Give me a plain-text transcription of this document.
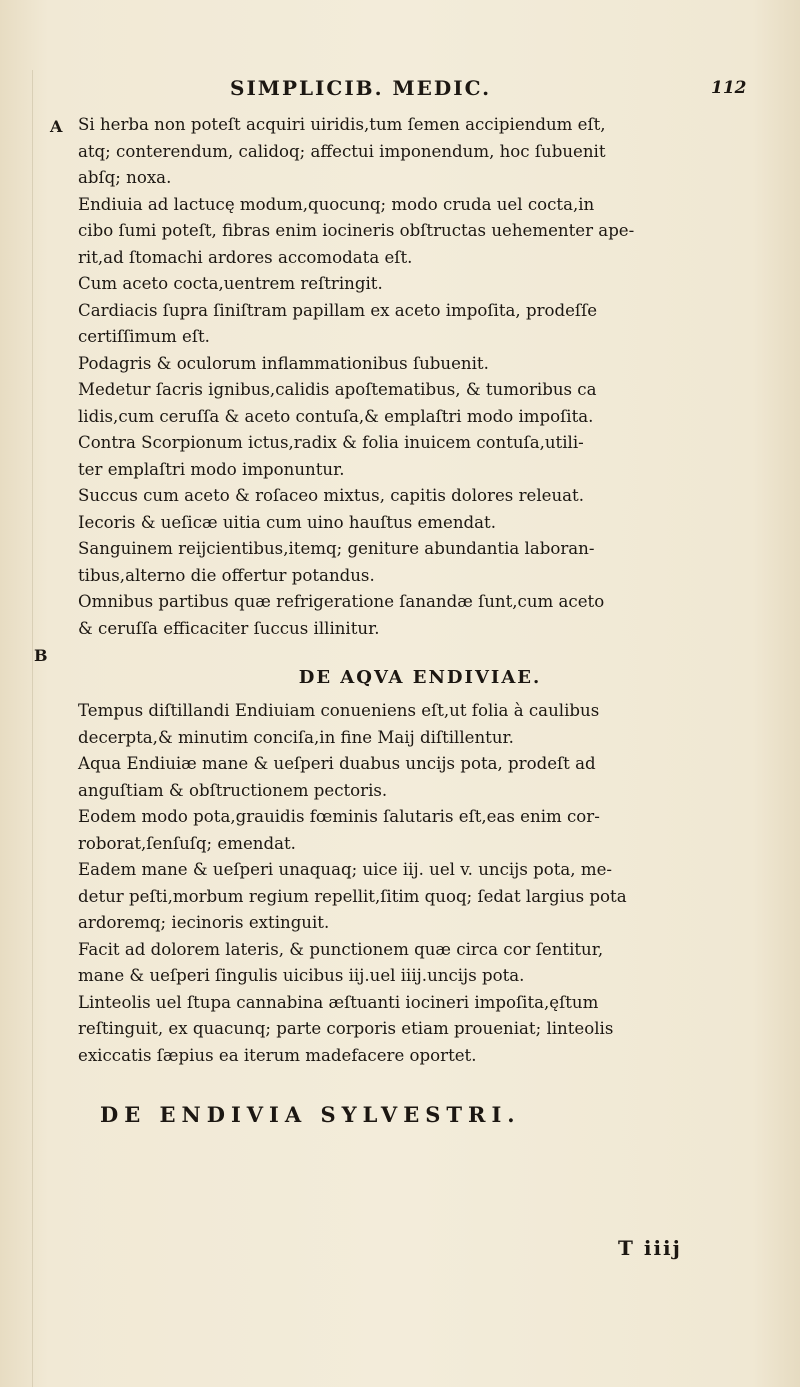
SIMPLICIB. MEDIC.	112
A
B
Si herba non poteſt acquiri uiridis,tum ſemen accipiendum eſt,
atq; conterendum, calidoq; affectui imponendum, hoc ſubuenit
abſq; noxa.
Endiuia ad lactucę modum,quocunq; modo cruda uel cocta,in
cibo ſumi poteſt, fibras enim iocineris obſtructas uehementer ape-
rit,ad ſtomachi ardores accomodata eſt.
Cum aceto cocta,uentrem reſtringit.
Cardiacis ſupra ſiniſtram papillam ex aceto impoſita, prodeſſe
certiſſimum eſt.
Podagris & oculorum inflammationibus ſubuenit.
Medetur ſacris ignibus,calidis apoſtematibus, & tumoribus ca
lidis,cum ceruſſa & aceto contuſa,& emplaſtri modo impoſita.
Contra Scorpionum ictus,radix & folia inuicem contuſa,utili-
ter emplaſtri modo imponuntur.
Succus cum aceto & roſaceo mixtus, capitis dolores releuat.
Iecoris & ueſicæ uitia cum uino hauſtus emendat.
Sanguinem reijcientibus,itemq; geniture abundantia laboran-
tibus,alterno die offertur potandus.
Omnibus partibus quæ refrigeratione ſanandæ ſunt,cum aceto
& ceruſſa efficaciter ſuccus illinitur.
DE AQVA ENDIVIAE.
Tempus diſtillandi Endiuiam conueniens eſt,ut folia à caulibus
decerpta,& minutim conciſa,in fine Maij diſtillentur.
Aqua Endiuiæ mane & ueſperi duabus uncijs pota, prodeſt ad
anguſtiam & obſtructionem pectoris.
Eodem modo pota,grauidis fœminis ſalutaris eſt,eas enim cor-
roborat,ſenſuſq; emendat.
Eadem mane & ueſperi unaquaq; uice iij. uel v. uncijs pota, me-
detur peſti,morbum regium repellit,ſitim quoq; ſedat largius pota
ardoremq; iecinoris extinguit.
Facit ad dolorem lateris, & punctionem quæ circa cor ſentitur,
mane & ueſperi ſingulis uicibus iij.uel iiij.uncijs pota.
Linteolis uel ſtupa cannabina æſtuanti iocineri impoſita,ęſtum
reſtinguit, ex quacunq; parte corporis etiam proueniat; linteolis
exiccatis ſæpius ea iterum madefacere oportet.
DE ENDIVIA SYLVESTRI.
T iiij
